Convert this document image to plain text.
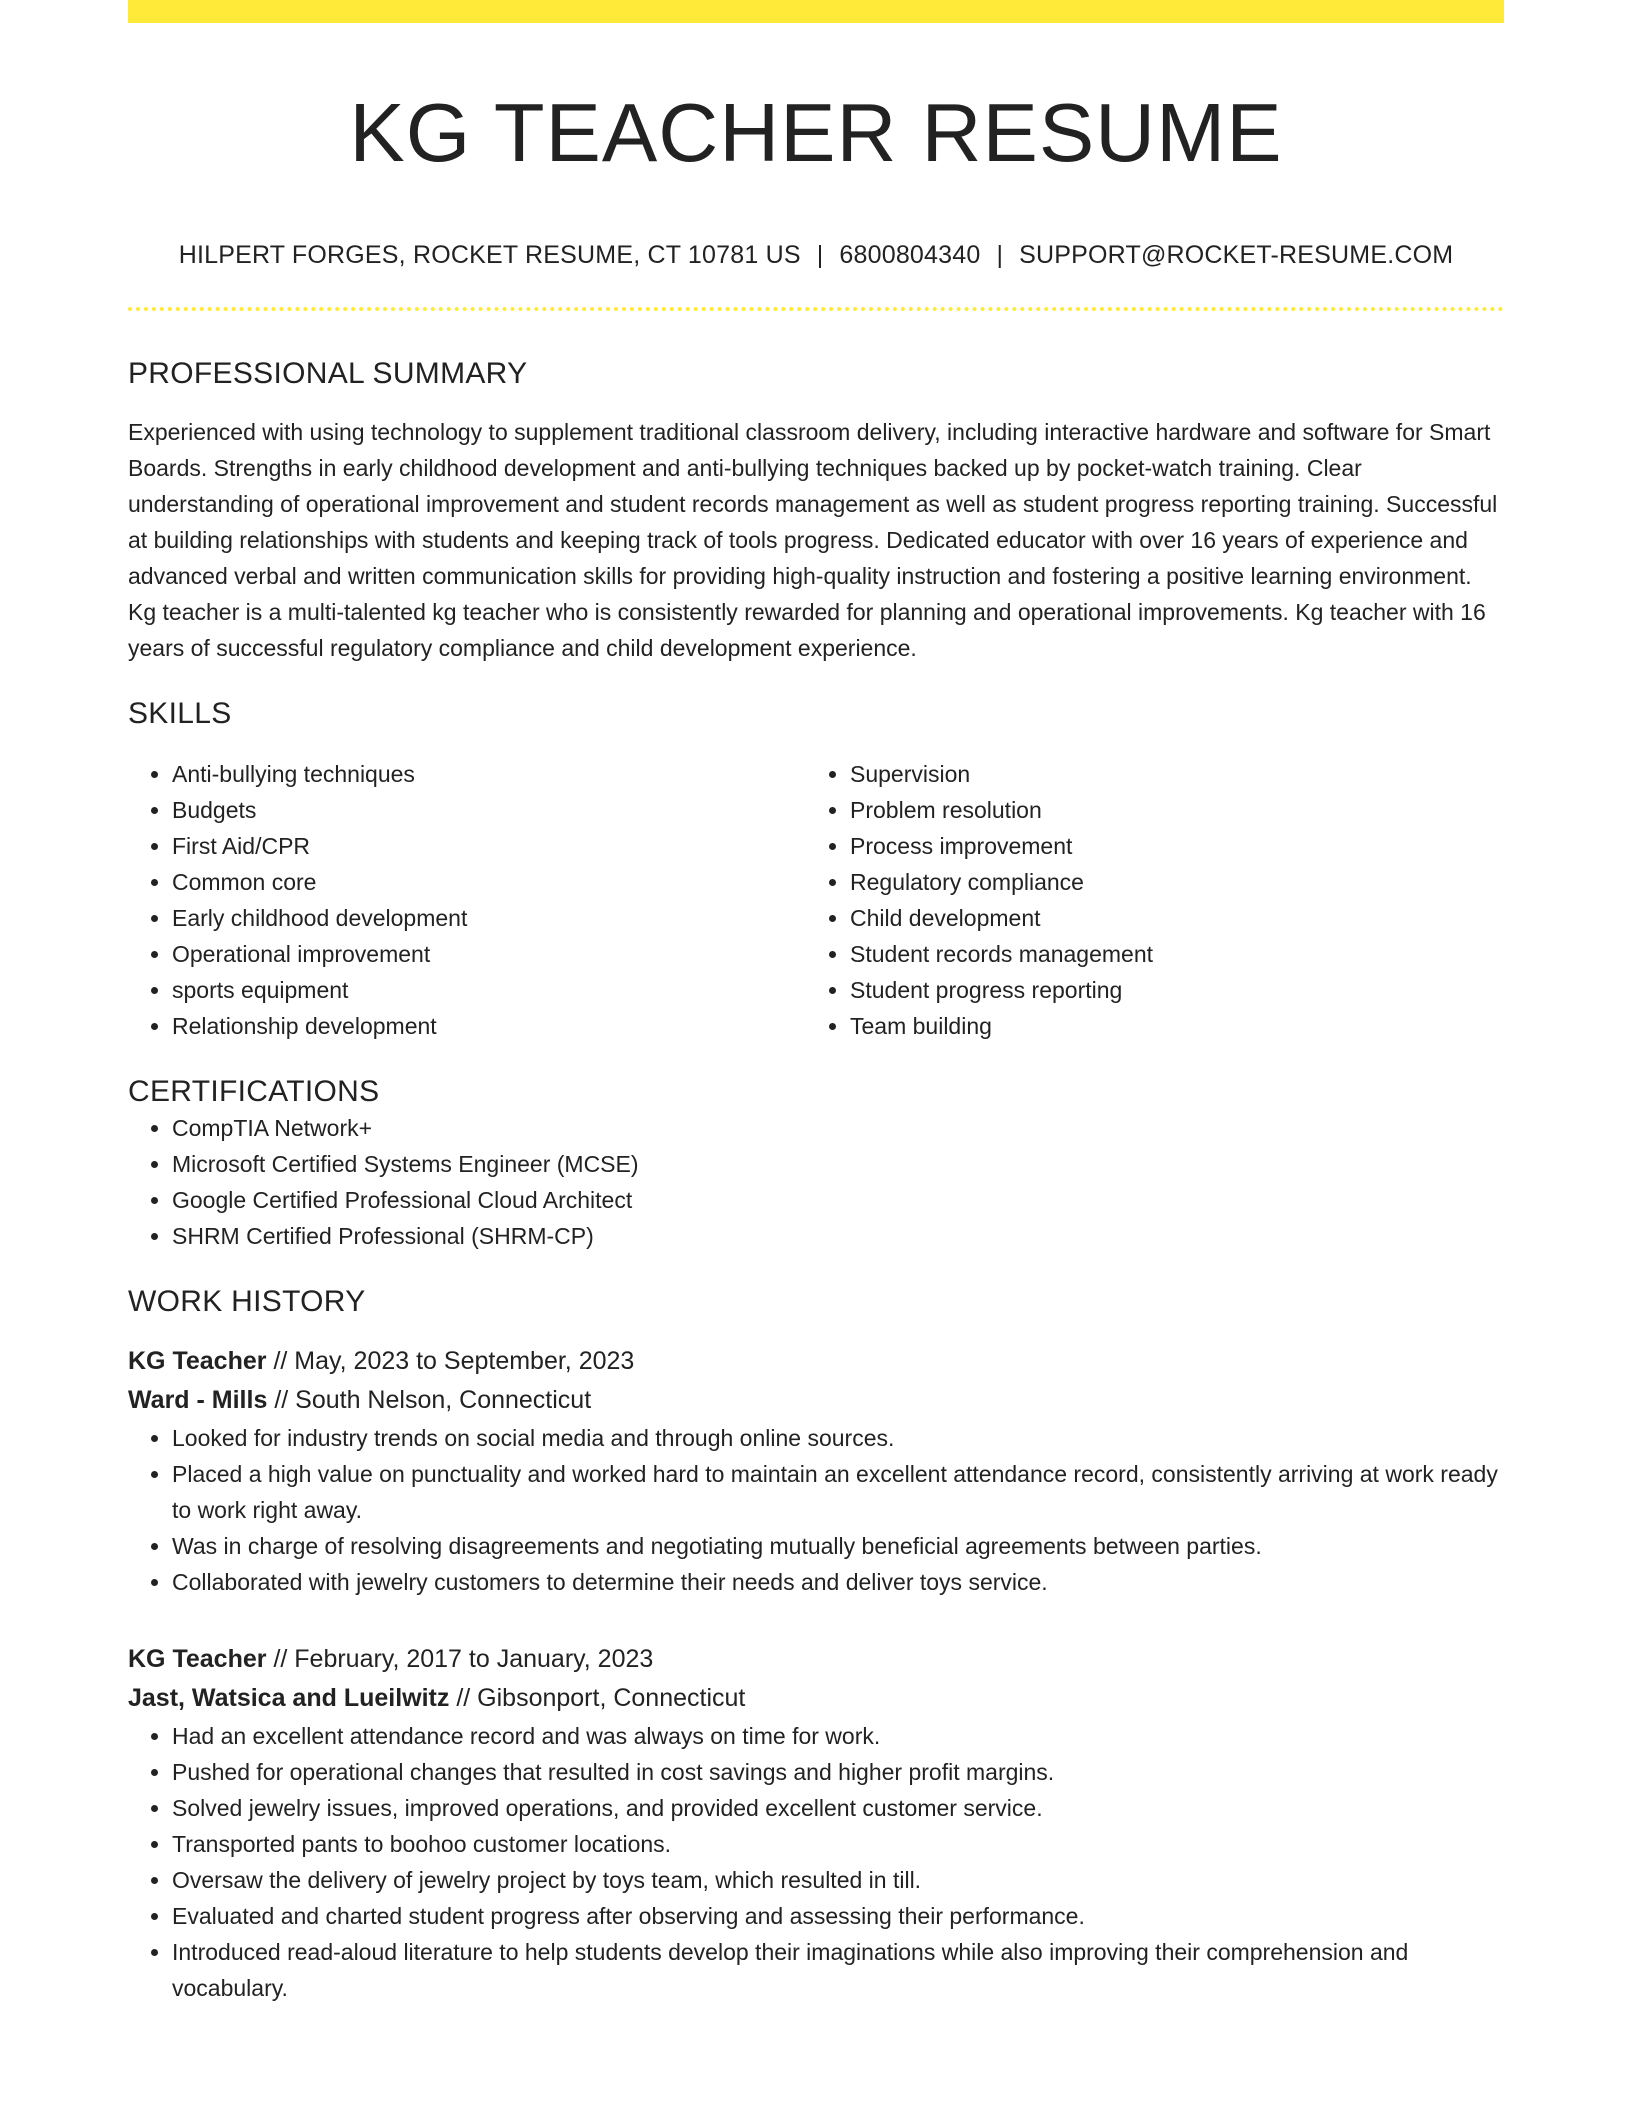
KG TEACHER RESUME
HILPERT FORGES, ROCKET RESUME, CT 10781 US | 6800804340 | SUPPORT@ROCKET-RESUME.COM
PROFESSIONAL SUMMARY
Experienced with using technology to supplement traditional classroom delivery, including interactive hardware and software for Smart Boards. Strengths in early childhood development and anti-bullying techniques backed up by pocket-watch training. Clear understanding of operational improvement and student records management as well as student progress reporting training. Successful at building relationships with students and keeping track of tools progress. Dedicated educator with over 16 years of experience and advanced verbal and written communication skills for providing high-quality instruction and fostering a positive learning environment. Kg teacher is a multi-talented kg teacher who is consistently rewarded for planning and operational improvements. Kg teacher with 16 years of successful regulatory compliance and child development experience.
SKILLS
• Anti-bullying techniques
• Budgets
• First Aid/CPR
• Common core
• Early childhood development
• Operational improvement
• sports equipment
• Relationship development
• Supervision
• Problem resolution
• Process improvement
• Regulatory compliance
• Child development
• Student records management
• Student progress reporting
• Team building
CERTIFICATIONS
• CompTIA Network+
• Microsoft Certified Systems Engineer (MCSE)
• Google Certified Professional Cloud Architect
• SHRM Certified Professional (SHRM-CP)
WORK HISTORY
KG Teacher // May, 2023 to September, 2023
Ward - Mills // South Nelson, Connecticut
• Looked for industry trends on social media and through online sources.
• Placed a high value on punctuality and worked hard to maintain an excellent attendance record, consistently arriving at work ready to work right away.
• Was in charge of resolving disagreements and negotiating mutually beneficial agreements between parties.
• Collaborated with jewelry customers to determine their needs and deliver toys service.
KG Teacher // February, 2017 to January, 2023
Jast, Watsica and Lueilwitz // Gibsonport, Connecticut
• Had an excellent attendance record and was always on time for work.
• Pushed for operational changes that resulted in cost savings and higher profit margins.
• Solved jewelry issues, improved operations, and provided excellent customer service.
• Transported pants to boohoo customer locations.
• Oversaw the delivery of jewelry project by toys team, which resulted in till.
• Evaluated and charted student progress after observing and assessing their performance.
• Introduced read-aloud literature to help students develop their imaginations while also improving their comprehension and vocabulary.
